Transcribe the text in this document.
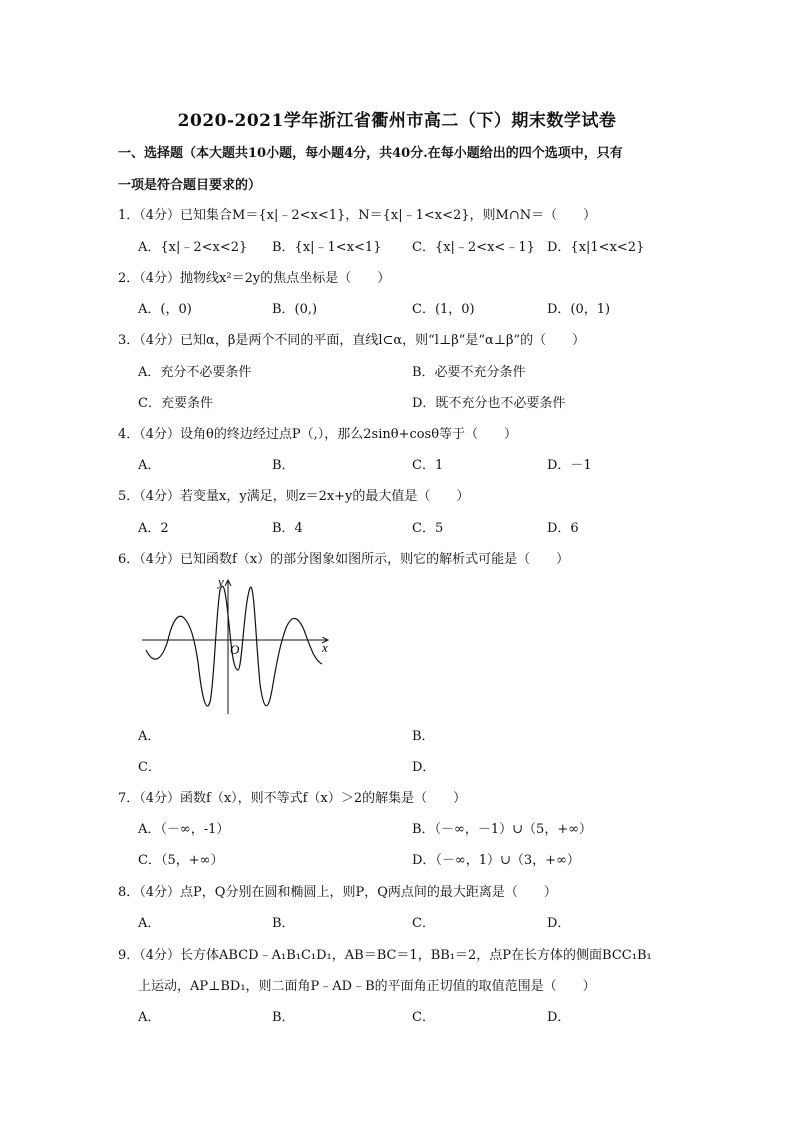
2020-2021学年浙江省衢州市高二（下）期末数学试卷
一、选择题（本大题共10小题，每小题4分，共40分.在每小题给出的四个选项中，只有
一项是符合题目要求的）
1．（4分）已知集合M＝{x|﹣2<x<1}，N＝{x|﹣1<x<2}，则M∩N＝（　　）
A．{x|﹣2<x<2} B．{x|﹣1<x<1} C．{x|﹣2<x<﹣1} D．{x|1<x<2}
2．（4分）抛物线x²＝2y的焦点坐标是（　　）
A．(，0)	B．(0,)	C．(1，0)	D．(0，1)
3．（4分）已知α，β是两个不同的平面，直线l⊂α，则“l⊥β”是“α⊥β”的（　　）
A．充分不必要条件	B．必要不充分条件
C．充要条件	D．既不充分也不必要条件
4．（4分）设角θ的终边经过点P（,），那么2sinθ+cosθ等于（　　）
A．	B．	C．1	D．－1
5．（4分）若变量x，y满足，则z＝2x+y的最大值是（　　）
A．2	B．4	C．5	D．6
6．（4分）已知函数f（x）的部分图象如图所示，则它的解析式可能是（　　）
y
x
O
A．	B．
C．	D．
7．（4分）函数f（x），则不等式f（x）＞2的解集是（　　）
A．（－∞，-1）	B．（－∞，－1）∪（5，+∞）
C．（5，+∞）	D．（－∞，1）∪（3，+∞）
8．（4分）点P，Q分别在圆和椭圆上，则P，Q两点间的最大距离是（　　）
A．	B．	C．	D．
9．（4分）长方体ABCD﹣A₁B₁C₁D₁，AB＝BC＝1，BB₁＝2，点P在长方体的侧面BCC₁B₁
上运动，AP⊥BD₁，则二面角P﹣AD﹣B的平面角正切值的取值范围是（　　）
A．	B．	C．	D．
